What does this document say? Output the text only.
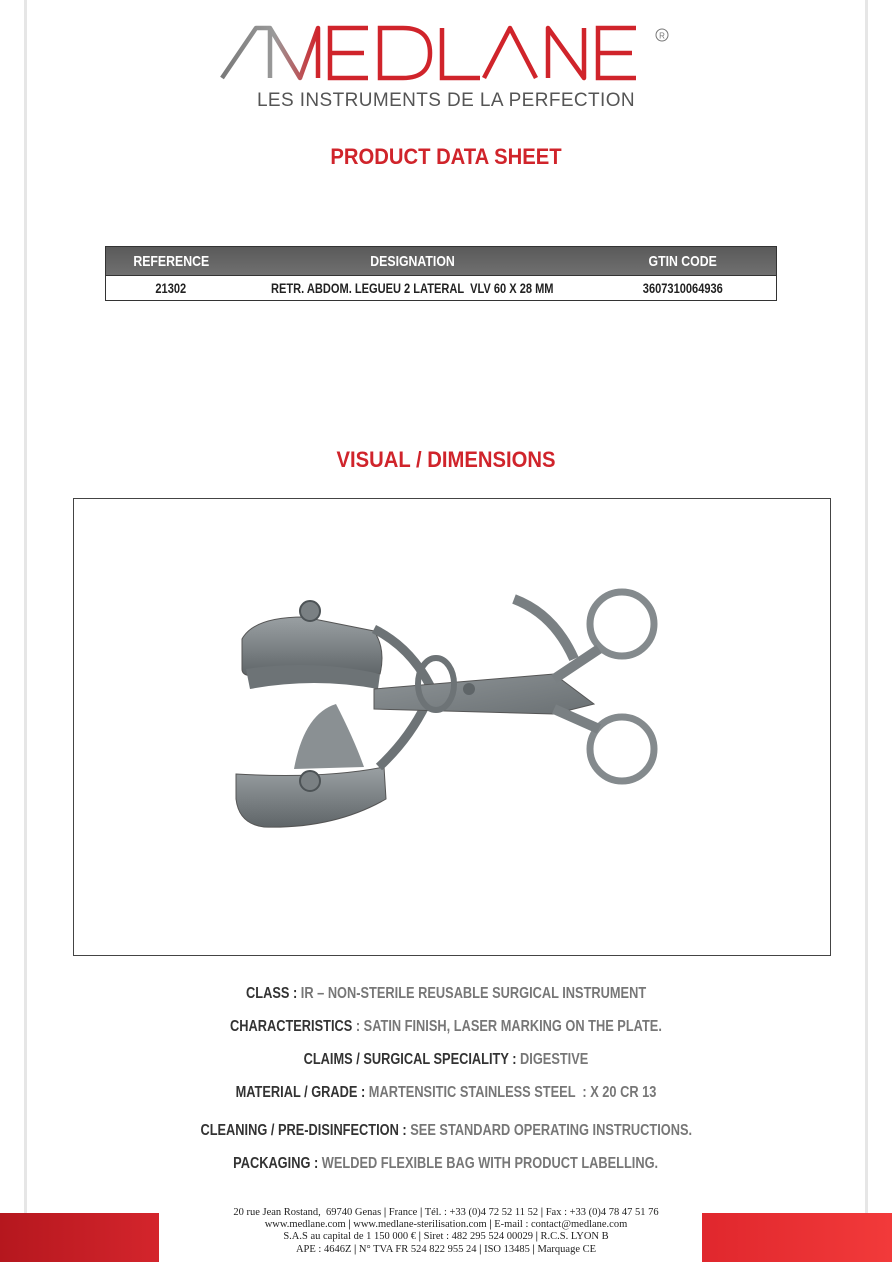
R
LES INSTRUMENTS DE LA PERFECTION
PRODUCT DATA SHEET
REFERENCE	DESIGNATION	GTIN CODE
21302	RETR. ABDOM. LEGUEU 2 LATERAL  VLV 60 X 28 MM	3607310064936
VISUAL / DIMENSIONS
CLASS : IR – NON-STERILE REUSABLE SURGICAL INSTRUMENT
CHARACTERISTICS : SATIN FINISH, LASER MARKING ON THE PLATE.
CLAIMS / SURGICAL SPECIALITY : DIGESTIVE
MATERIAL / GRADE : MARTENSITIC STAINLESS STEEL  : X 20 CR 13
CLEANING / PRE-DISINFECTION : SEE STANDARD OPERATING INSTRUCTIONS.
PACKAGING : WELDED FLEXIBLE BAG WITH PRODUCT LABELLING.
20 rue Jean Rostand,  69740 Genas | France | Tél. : +33 (0)4 72 52 11 52 | Fax : +33 (0)4 78 47 51 76
www.medlane.com | www.medlane-sterilisation.com | E-mail : contact@medlane.com
S.A.S au capital de 1 150 000 € | Siret : 482 295 524 00029 | R.C.S. LYON B
APE : 4646Z | N° TVA FR 524 822 955 24 | ISO 13485 | Marquage CE
